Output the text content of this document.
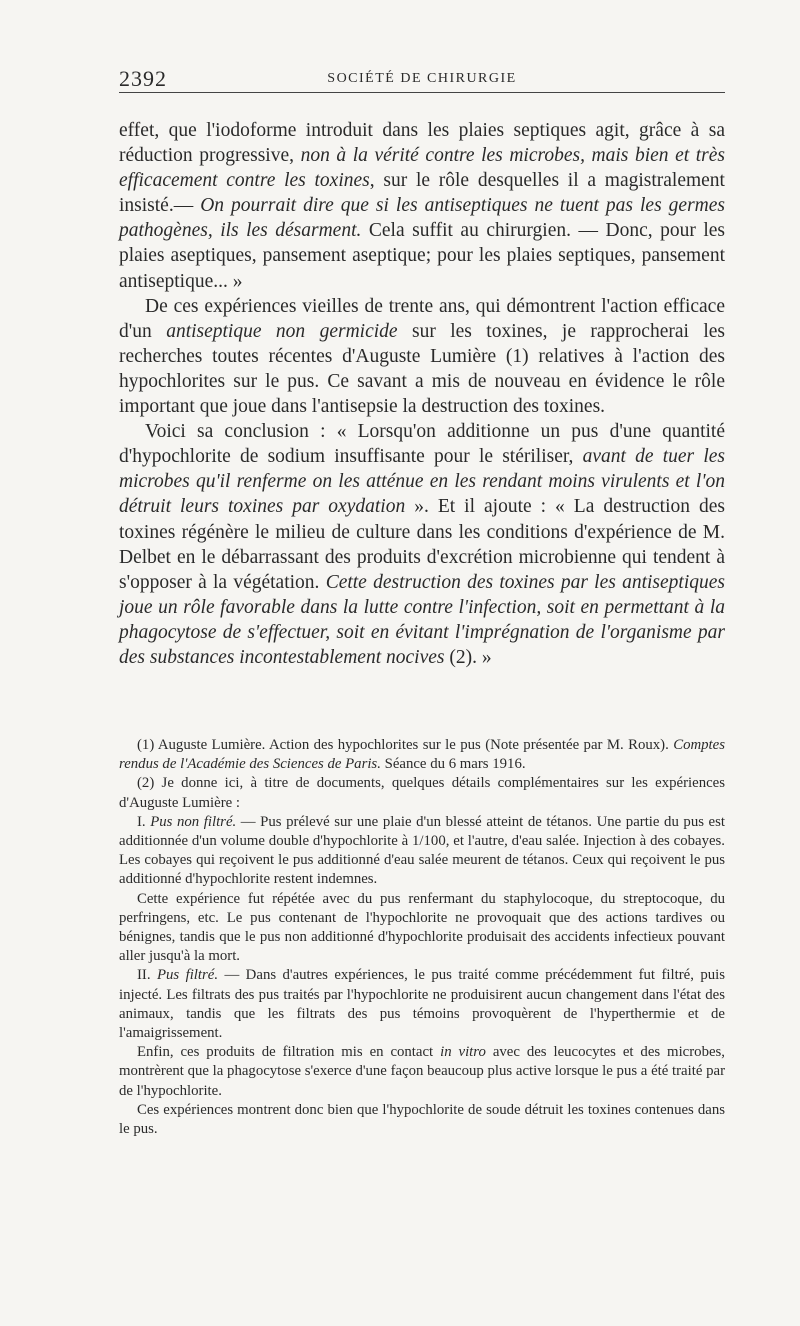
2392	SOCIÉTÉ DE CHIRURGIE

effet, que l'iodoforme introduit dans les plaies septiques agit, grâce à sa réduction progressive, non à la vérité contre les microbes, mais bien et très efficacement contre les toxines, sur le rôle desquelles il a magistralement insisté.— On pourrait dire que si les antiseptiques ne tuent pas les germes pathogènes, ils les désarment. Cela suffit au chirurgien. — Donc, pour les plaies aseptiques, pansement aseptique; pour les plaies septiques, pansement antiseptique... »

De ces expériences vieilles de trente ans, qui démontrent l'action efficace d'un antiseptique non germicide sur les toxines, je rapprocherai les recherches toutes récentes d'Auguste Lumière (1) relatives à l'action des hypochlorites sur le pus. Ce savant a mis de nouveau en évidence le rôle important que joue dans l'antisepsie la destruction des toxines.

Voici sa conclusion : « Lorsqu'on additionne un pus d'une quantité d'hypochlorite de sodium insuffisante pour le stériliser, avant de tuer les microbes qu'il renferme on les atténue en les rendant moins virulents et l'on détruit leurs toxines par oxydation ». Et il ajoute : « La destruction des toxines régénère le milieu de culture dans les conditions d'expérience de M. Delbet en le débarrassant des produits d'excrétion microbienne qui tendent à s'opposer à la végétation. Cette destruction des toxines par les antiseptiques joue un rôle favorable dans la lutte contre l'infection, soit en permettant à la phagocytose de s'effectuer, soit en évitant l'imprégnation de l'organisme par des substances incontestablement nocives (2). »

(1) Auguste Lumière. Action des hypochlorites sur le pus (Note présentée par M. Roux). Comptes rendus de l'Académie des Sciences de Paris. Séance du 6 mars 1916.

(2) Je donne ici, à titre de documents, quelques détails complémentaires sur les expériences d'Auguste Lumière :

I. Pus non filtré. — Pus prélevé sur une plaie d'un blessé atteint de tétanos. Une partie du pus est additionnée d'un volume double d'hypochlorite à 1/100, et l'autre, d'eau salée. Injection à des cobayes. Les cobayes qui reçoivent le pus additionné d'eau salée meurent de tétanos. Ceux qui reçoivent le pus additionné d'hypochlorite restent indemnes.

Cette expérience fut répétée avec du pus renfermant du staphylocoque, du streptocoque, du perfringens, etc. Le pus contenant de l'hypochlorite ne provoquait que des actions tardives ou bénignes, tandis que le pus non additionné d'hypochlorite produisait des accidents infectieux pouvant aller jusqu'à la mort.

II. Pus filtré. — Dans d'autres expériences, le pus traité comme précédemment fut filtré, puis injecté. Les filtrats des pus traités par l'hypochlorite ne produisirent aucun changement dans l'état des animaux, tandis que les filtrats des pus témoins provoquèrent de l'hyperthermie et de l'amaigrissement.

Enfin, ces produits de filtration mis en contact in vitro avec des leucocytes et des microbes, montrèrent que la phagocytose s'exerce d'une façon beaucoup plus active lorsque le pus a été traité par de l'hypochlorite.

Ces expériences montrent donc bien que l'hypochlorite de soude détruit les toxines contenues dans le pus.
